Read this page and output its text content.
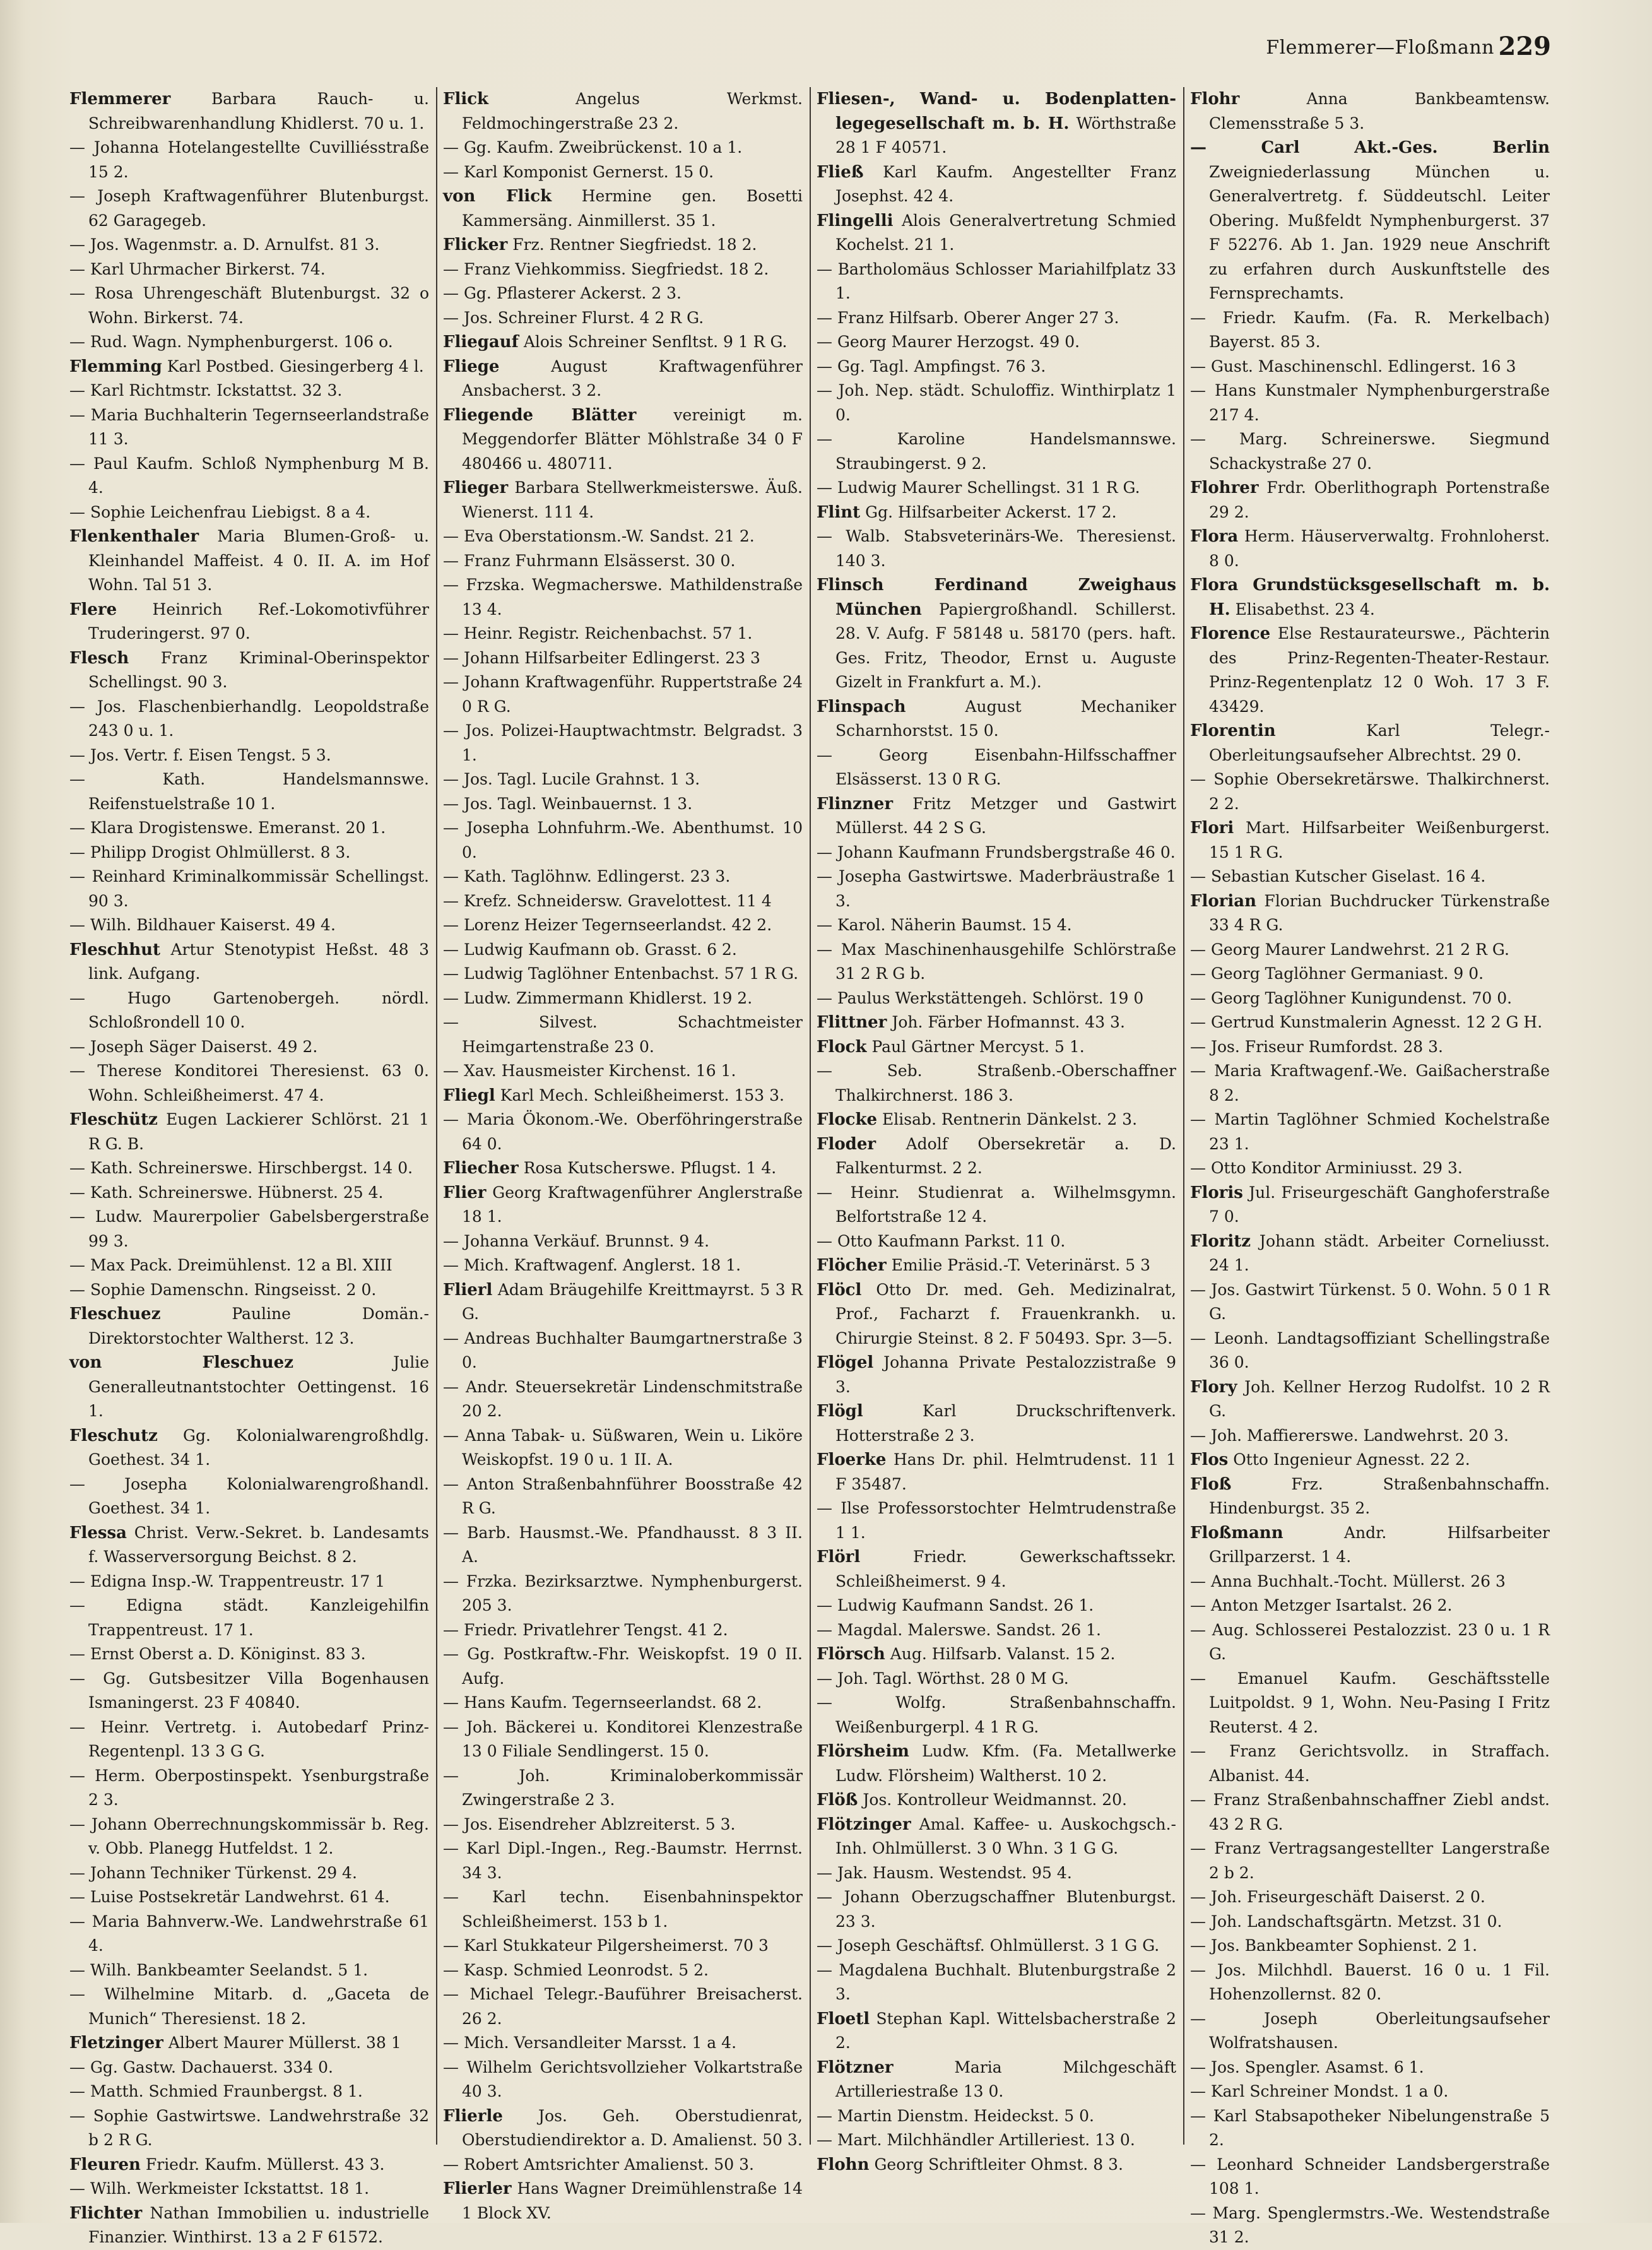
Flemmerer—Floßmann 229

Flemmerer	Barbara Rauch- u. Schreibwarenhandlung Khidlerst. 70 u. 1.

— Johanna Hotelangestellte Cuvilliésstraße 15 2.

— Joseph Kraftwagenführer Blutenburgst. 62 Garagegeb.

— Jos. Wagenmstr. a. D. Arnulfst. 81 3.

— Karl Uhrmacher Birkerst. 74.

— Rosa Uhrengeschäft Blutenburgst. 32 o Wohn. Birkerst. 74.

— Rud. Wagn. Nymphenburgerst. 106 o.

Flemming Karl Postbed. Giesingerberg 4 l.

— Karl Richtmstr. Ickstattst. 32 3.

— Maria Buchhalterin Tegernseerlandstraße 11 3.

— Paul Kaufm. Schloß Nymphenburg M B. 4.

— Sophie Leichenfrau Liebigst. 8 a 4.

Flenkenthaler Maria Blumen-Groß- u. Kleinhandel Maffeist. 4 0. II. A. im Hof Wohn. Tal 51 3.

Flere Heinrich Ref.-Lokomotivführer Truderingerst. 97 0.

Flesch Franz Kriminal-Oberinspektor Schellingst. 90 3.

— Jos. Flaschenbierhandlg. Leopoldstraße 243 0 u. 1.

— Jos. Vertr. f. Eisen Tengst. 5 3.

— Kath. Handelsmannswe. Reifenstuelstraße 10 1.

— Klara Drogistenswe. Emeranst. 20 1.

— Philipp Drogist Ohlmüllerst. 8 3.

— Reinhard Kriminalkommissär Schellingst. 90 3.

— Wilh. Bildhauer Kaiserst. 49 4.

Fleschhut Artur Stenotypist Heßst. 48 3 link. Aufgang.

— Hugo Gartenobergeh. nördl. Schloßrondell 10 0.

— Joseph Säger Daiserst. 49 2.

— Therese Konditorei Theresienst. 63 0. Wohn. Schleißheimerst. 47 4.

Fleschütz Eugen Lackierer Schlörst. 21 1 R G. B.

— Kath. Schreinerswe. Hirschbergst. 14 0.

— Kath. Schreinerswe. Hübnerst. 25 4.

— Ludw. Maurerpolier Gabelsbergerstraße 99 3.

— Max Pack. Dreimühlenst. 12 a Bl. XIII

— Sophie Damenschn. Ringseisst. 2 0.

Fleschuez	Pauline Domän.-Direktorstochter Waltherst. 12 3.

von Fleschuez	Julie Generalleutnantstochter Oettingenst. 16 1.

Fleschutz Gg. Kolonialwarengroßhdlg. Goethest. 34 1.

— Josepha Kolonialwarengroßhandl. Goethest. 34 1.

Flessa Christ. Verw.-Sekret. b. Landesamts f. Wasserversorgung Beichst. 8 2.

— Edigna Insp.-W. Trappentreustr. 17 1

— Edigna städt. Kanzleigehilfin Trappentreust. 17 1.

— Ernst Oberst a. D. Königinst. 83 3.

— Gg. Gutsbesitzer Villa Bogenhausen Ismaningerst. 23 F 40840.

— Heinr. Vertretg. i. Autobedarf Prinz-Regentenpl. 13 3 G G.

— Herm. Oberpostinspekt. Ysenburgstraße 2 3.

— Johann Oberrechnungskommissär b. Reg. v. Obb. Planegg Hutfeldst. 1 2.

— Johann Techniker Türkenst. 29 4.

— Luise Postsekretär Landwehrst. 61 4.

— Maria Bahnverw.-We. Landwehrstraße 61 4.

— Wilh. Bankbeamter Seelandst. 5 1.

— Wilhelmine Mitarb. d. „Gaceta de Munich“ Theresienst. 18 2.

Fletzinger Albert Maurer Müllerst. 38 1

— Gg. Gastw. Dachauerst. 334 0.

— Matth. Schmied Fraunbergst. 8 1.

— Sophie Gastwirtswe. Landwehrstraße 32 b 2 R G.

Fleuren Friedr. Kaufm. Müllerst. 43 3.

— Wilh. Werkmeister Ickstattst. 18 1.

Flichter Nathan Immobilien u. industrielle Finanzier. Winthirst. 13 a 2 F 61572.

Flick	Angelus Werkmst. Feldmochingerstraße 23 2.

— Gg. Kaufm. Zweibrückenst. 10 a 1.

— Karl Komponist Gernerst. 15 0.

von Flick Hermine gen. Bosetti Kammersäng. Ainmillerst. 35 1.

Flicker Frz. Rentner Siegfriedst. 18 2.

— Franz Viehkommiss. Siegfriedst. 18 2.

— Gg. Pflasterer Ackerst. 2 3.

— Jos. Schreiner Flurst. 4 2 R G.

Fliegauf Alois Schreiner Senfltst. 9 1 R G.

Fliege	August Kraftwagenführer Ansbacherst. 3 2.

Fliegende Blätter vereinigt m. Meggendorfer Blätter Möhlstraße 34 0 F 480466 u. 480711.

Flieger Barbara Stellwerkmeisterswe. Äuß. Wienerst. 111 4.

— Eva Oberstationsm.-W. Sandst. 21 2.

— Franz Fuhrmann Elsässerst. 30 0.

— Frzska. Wegmacherswe. Mathildenstraße 13 4.

— Heinr. Registr. Reichenbachst. 57 1.

— Johann Hilfsarbeiter Edlingerst. 23 3

— Johann Kraftwagenführ. Ruppertstraße 24 0 R G.

— Jos. Polizei-Hauptwachtmstr. Belgradst. 3 1.

— Jos. Tagl. Lucile Grahnst. 1 3.

— Jos. Tagl. Weinbauernst. 1 3.

— Josepha Lohnfuhrm.-We. Abenthumst. 10 0.

— Kath. Taglöhnw. Edlingerst. 23 3.

— Krefz. Schneidersw. Gravelottest. 11 4

— Lorenz Heizer Tegernseerlandst. 42 2.

— Ludwig Kaufmann ob. Grasst. 6 2.

— Ludwig Taglöhner Entenbachst. 57 1 R G.

— Ludw. Zimmermann Khidlerst. 19 2.

— Silvest. Schachtmeister Heimgartenstraße 23 0.

— Xav. Hausmeister Kirchenst. 16 1.

Fliegl Karl Mech. Schleißheimerst. 153 3.

— Maria Ökonom.-We. Oberföhringerstraße 64 0.

Fliecher Rosa Kutscherswe. Pflugst. 1 4.

Flier Georg Kraftwagenführer Anglerstraße 18 1.

— Johanna Verkäuf. Brunnst. 9 4.

— Mich. Kraftwagenf. Anglerst. 18 1.

Flierl Adam Bräugehilfe Kreittmayrst. 5 3 R G.

— Andreas Buchhalter Baumgartnerstraße 3 0.

— Andr. Steuersekretär Lindenschmitstraße 20 2.

— Anna Tabak- u. Süßwaren, Wein u. Liköre Weiskopfst. 19 0 u. 1 II. A.

— Anton Straßenbahnführer Boosstraße 42 R G.

— Barb. Hausmst.-We. Pfandhausst. 8 3 II. A.

— Frzka. Bezirksarztwe. Nymphenburgerst. 205 3.

— Friedr. Privatlehrer Tengst. 41 2.

— Gg. Postkraftw.-Fhr. Weiskopfst. 19 0 II. Aufg.

— Hans Kaufm. Tegernseerlandst. 68 2.

— Joh. Bäckerei u. Konditorei Klenzestraße 13 0 Filiale Sendlingerst. 15 0.

— Joh. Kriminaloberkommissär Zwingerstraße 2 3.

— Jos. Eisendreher Ablzreiterst. 5 3.

— Karl Dipl.-Ingen., Reg.-Baumstr. Herrnst. 34 3.

— Karl techn. Eisenbahninspektor Schleißheimerst. 153 b 1.

— Karl Stukkateur Pilgersheimerst. 70 3

— Kasp. Schmied Leonrodst. 5 2.

— Michael Telegr.-Bauführer Breisacherst. 26 2.

— Mich. Versandleiter Marsst. 1 a 4.

— Wilhelm Gerichtsvollzieher Volkartstraße 40 3.

Flierle Jos. Geh. Oberstudienrat, Oberstudiendirektor a. D. Amalienst. 50 3.

— Robert Amtsrichter Amalienst. 50 3.

Flierler Hans Wagner Dreimühlenstraße 14 1 Block XV.

Fliesen-, Wand- u. Bodenplatten-legegesellschaft m. b. H. Wörthstraße 28 1 F 40571.

Fließ Karl Kaufm. Angestellter Franz Josephst. 42 4.

Flingelli Alois Generalvertretung Schmied Kochelst. 21 1.

— Bartholomäus Schlosser Mariahilfplatz 33 1.

— Franz Hilfsarb. Oberer Anger 27 3.

— Georg Maurer Herzogst. 49 0.

— Gg. Tagl. Ampfingst. 76 3.

— Joh. Nep. städt. Schuloffiz. Winthirplatz 1 0.

— Karoline Handelsmannswe. Straubingerst. 9 2.

— Ludwig Maurer Schellingst. 31 1 R G.

Flint Gg. Hilfsarbeiter Ackerst. 17 2.

— Walb. Stabsveterinärs-We. Theresienst. 140 3.

Flinsch Ferdinand Zweighaus München Papiergroßhandl. Schillerst. 28. V. Aufg. F 58148 u. 58170 (pers. haft. Ges. Fritz, Theodor, Ernst u. Auguste Gizelt in Frankfurt a. M.).

Flinspach	August Mechaniker Scharnhorstst. 15 0.

— Georg Eisenbahn-Hilfsschaffner Elsässerst. 13 0 R G.

Flinzner Fritz Metzger und Gastwirt Müllerst. 44 2 S G.

— Johann Kaufmann Frundsbergstraße 46 0.

— Josepha Gastwirtswe. Maderbräustraße 1 3.

— Karol. Näherin Baumst. 15 4.

— Max Maschinenhausgehilfe Schlörstraße 31 2 R G b.

— Paulus Werkstättengeh. Schlörst. 19 0

Flittner Joh. Färber Hofmannst. 43 3.

Flock Paul Gärtner Mercyst. 5 1.

— Seb. Straßenb.-Oberschaffner Thalkirchnerst. 186 3.

Flocke Elisab. Rentnerin Dänkelst. 2 3.

Floder Adolf Obersekretär a. D. Falkenturmst. 2 2.

— Heinr. Studienrat a. Wilhelmsgymn. Belfortstraße 12 4.

— Otto Kaufmann Parkst. 11 0.

Flöcher Emilie Präsid.-T. Veterinärst. 5 3

Flöcl Otto Dr. med. Geh. Medizinalrat, Prof., Facharzt f. Frauenkrankh. u. Chirurgie Steinst. 8 2. F 50493. Spr. 3—5.

Flögel Johanna Private Pestalozzistraße 9 3.

Flögl	Karl Druckschriftenverk. Hotterstraße 2 3.

Floerke Hans Dr. phil. Helmtrudenst. 11 1 F 35487.

— Ilse Professorstochter Helmtrudenstraße 1 1.

Flörl	Friedr. Gewerkschaftssekr. Schleißheimerst. 9 4.

— Ludwig Kaufmann Sandst. 26 1.

— Magdal. Malerswe. Sandst. 26 1.

Flörsch Aug. Hilfsarb. Valanst. 15 2.

— Joh. Tagl. Wörthst. 28 0 M G.

— Wolfg. Straßenbahnschaffn. Weißenburgerpl. 4 1 R G.

Flörsheim Ludw. Kfm. (Fa. Metallwerke Ludw. Flörsheim) Waltherst. 10 2.

Flöß Jos. Kontrolleur Weidmannst. 20.

Flötzinger Amal. Kaffee- u. Auskochgsch.-Inh. Ohlmüllerst. 3 0 Whn. 3 1 G G.

— Jak. Hausm. Westendst. 95 4.

— Johann Oberzugschaffner Blutenburgst. 23 3.

— Joseph Geschäftsf. Ohlmüllerst. 3 1 G G.

— Magdalena Buchhalt. Blutenburgstraße 2 3.

Floetl Stephan Kapl. Wittelsbacherstraße 2 2.

Flötzner	Maria Milchgeschäft Artilleriestraße 13 0.

— Martin Dienstm. Heideckst. 5 0.

— Mart. Milchhändler Artilleriest. 13 0.

Flohn Georg Schriftleiter Ohmst. 8 3.

Flohr	Anna Bankbeamtensw. Clemensstraße 5 3.

— Carl Akt.-Ges. Berlin Zweigniederlassung München u. Generalvertretg. f. Süddeutschl. Leiter Obering. Mußfeldt Nymphenburgerst. 37 F 52276. Ab 1. Jan. 1929 neue Anschrift zu erfahren durch Auskunftstelle des Fernsprechamts.

— Friedr. Kaufm. (Fa. R. Merkelbach) Bayerst. 85 3.

— Gust. Maschinenschl. Edlingerst. 16 3

— Hans Kunstmaler Nymphenburgerstraße 217 4.

— Marg. Schreinerswe. Siegmund Schackystraße 27 0.

Flohrer Frdr. Oberlithograph Portenstraße 29 2.

Flora Herm. Häuserverwaltg. Frohnloherst. 8 0.

Flora Grundstücksgesellschaft m. b. H. Elisabethst. 23 4.

Florence Else Restaurateurswe., Pächterin des Prinz-Regenten-Theater-Restaur. Prinz-Regentenplatz 12 0 Woh. 17 3 F. 43429.

Florentin	Karl Telegr.-Oberleitungsaufseher Albrechtst. 29 0.

— Sophie Obersekretärswe. Thalkirchnerst. 2 2.

Flori Mart. Hilfsarbeiter Weißenburgerst. 15 1 R G.

— Sebastian Kutscher Giselast. 16 4.

Florian Florian Buchdrucker Türkenstraße 33 4 R G.

— Georg Maurer Landwehrst. 21 2 R G.

— Georg Taglöhner Germaniast. 9 0.

— Georg Taglöhner Kunigundenst. 70 0.

— Gertrud Kunstmalerin Agnesst. 12 2 G H.

— Jos. Friseur Rumfordst. 28 3.

— Maria Kraftwagenf.-We. Gaißacherstraße 8 2.

— Martin Taglöhner Schmied Kochelstraße 23 1.

— Otto Konditor Arminiusst. 29 3.

Floris Jul. Friseurgeschäft Ganghoferstraße 7 0.

Floritz Johann städt. Arbeiter Corneliusst. 24 1.

— Jos. Gastwirt Türkenst. 5 0. Wohn. 5 0 1 R G.

— Leonh. Landtagsoffiziant Schellingstraße 36 0.

Flory Joh. Kellner Herzog Rudolfst. 10 2 R G.

— Joh. Maffiererswe. Landwehrst. 20 3.

Flos Otto Ingenieur Agnesst. 22 2.

Floß	Frz. Straßenbahnschaffn. Hindenburgst. 35 2.

Floßmann	Andr. Hilfsarbeiter Grillparzerst. 1 4.

— Anna Buchhalt.-Tocht. Müllerst. 26 3

— Anton Metzger Isartalst. 26 2.

— Aug. Schlosserei Pestalozzist. 23 0 u. 1 R G.

— Emanuel Kaufm. Geschäftsstelle Luitpoldst. 9 1, Wohn. Neu-Pasing I Fritz Reuterst. 4 2.

— Franz Gerichtsvollz. in Straffach. Albanist. 44.

— Franz Straßenbahnschaffner Ziebl andst. 43 2 R G.

— Franz Vertragsangestellter Langerstraße 2 b 2.

— Joh. Friseurgeschäft Daiserst. 2 0.

— Joh. Landschaftsgärtn. Metzst. 31 0.

— Jos. Bankbeamter Sophienst. 2 1.

— Jos. Milchhdl. Bauerst. 16 0 u. 1 Fil. Hohenzollernst. 82 0.

— Joseph Oberleitungsaufseher Wolfratshausen.

— Jos. Spengler. Asamst. 6 1.

— Karl Schreiner Mondst. 1 a 0.

— Karl Stabsapotheker Nibelungenstraße 5 2.

— Leonhard Schneider Landsbergerstraße 108 1.

— Marg. Spenglermstrs.-We. Westendstraße 31 2.
